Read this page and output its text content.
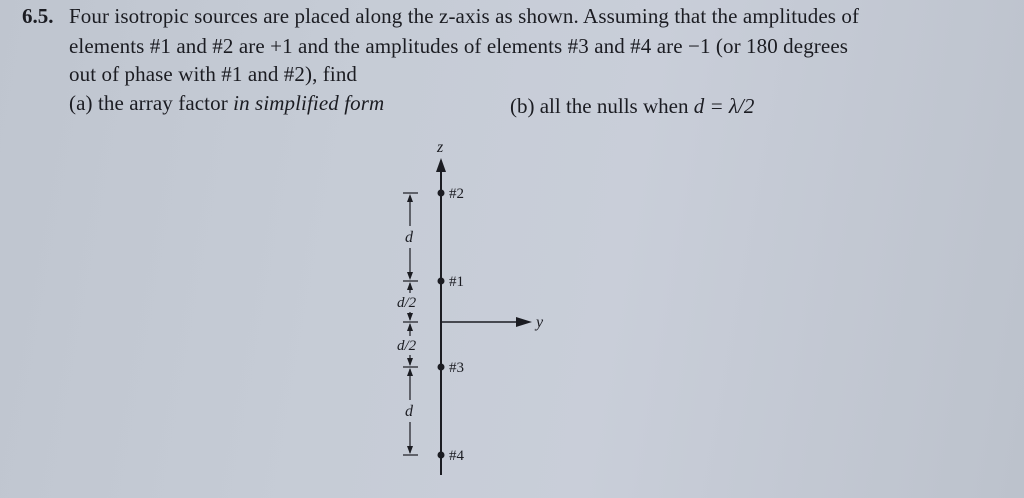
6.5. Four isotropic sources are placed along the z-axis as shown. Assuming that the amplitudes of
elements #1 and #2 are +1 and the amplitudes of elements #3 and #4 are −1 (or 180 degrees
out of phase with #1 and #2), find
(a) the array factor in simplified form	(b) all the nulls when d = λ/2
z
y
#2
#1
#3
#4
d
d/2
d/2
d
